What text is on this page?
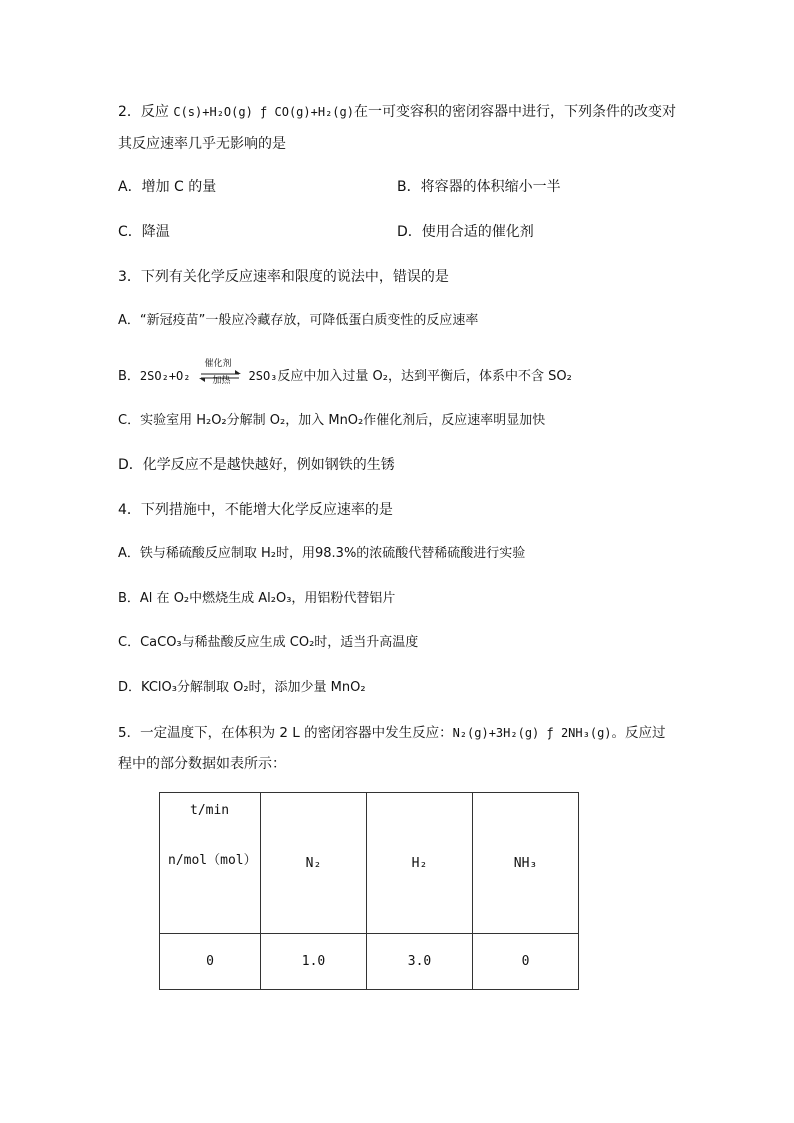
2．反应 C(s)+H₂O(g) ƒ CO(g)+H₂(g)在一可变容积的密闭容器中进行，下列条件的改变对
其反应速率几乎无影响的是
A．增加 C 的量	B．将容器的体积缩小一半
C．降温	D．使用合适的催化剂
3．下列有关化学反应速率和限度的说法中，错误的是
A．“新冠疫苗”一般应冷藏存放，可降低蛋白质变性的反应速率
B．2SO₂+O₂
催化剂
加热 2SO₃反应中加入过量 O₂，达到平衡后，体系中不含 SO₂
C．实验室用 H₂O₂分解制 O₂，加入 MnO₂作催化剂后，反应速率明显加快
D．化学反应不是越快越好，例如钢铁的生锈
4．下列措施中，不能增大化学反应速率的是
A．铁与稀硫酸反应制取 H₂时，用98.3%的浓硫酸代替稀硫酸进行实验
B．Al 在 O₂中燃烧生成 Al₂O₃，用铝粉代替铝片
C．CaCO₃与稀盐酸反应生成 CO₂时，适当升高温度
D．KClO₃分解制取 O₂时，添加少量 MnO₂
5．一定温度下，在体积为 2 L 的密闭容器中发生反应：N₂(g)+3H₂(g) ƒ 2NH₃(g)。反应过
程中的部分数据如表所示：
t/min
n/mol（mol）	N₂	H₂	NH₃
0	1.0	3.0	0
